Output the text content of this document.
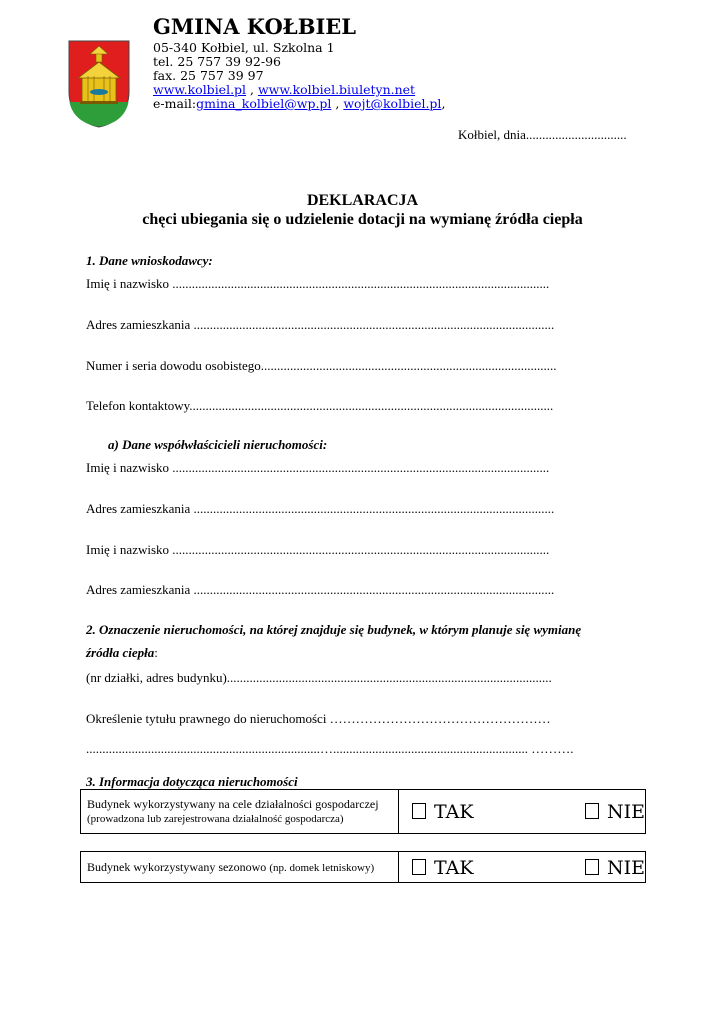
GMINA KOŁBIEL
05-340 Kołbiel, ul. Szkolna 1
tel. 25 757 39 92-96
fax. 25 757 39 97
www.kolbiel.pl , www.kolbiel.biuletyn.net
e-mail:gmina_kolbiel@wp.pl , wojt@kolbiel.pl,
Kołbiel, dnia...............................
DEKLARACJA
chęci ubiegania się o udzielenie dotacji na wymianę źródła ciepła
1. Dane wnioskodawcy:
Imię i nazwisko ....................................................................................................................
Adres zamieszkania ...............................................................................................................
Numer i seria dowodu osobistego...........................................................................................
Telefon kontaktowy................................................................................................................
a) Dane współwłaścicieli nieruchomości:
Imię i nazwisko ....................................................................................................................
Adres zamieszkania ...............................................................................................................
Imię i nazwisko ....................................................................................................................
Adres zamieszkania ...............................................................................................................
2. Oznaczenie nieruchomości, na której znajduje się budynek, w którym planuje się wymianę
źródła ciepła:
(nr działki, adres budynku)....................................................................................................
Określenie tytułu prawnego do nieruchomości ……………………………………………
........................................................................…............................................................ ……….
3. Informacja dotycząca nieruchomości
Budynek wykorzystywany na cele działalności gospodarczej (prowadzona lub zarejestrowana działalność gospodarcza)	TAK	NIE
Budynek wykorzystywany sezonowo (np. domek letniskowy)	TAK	NIE
